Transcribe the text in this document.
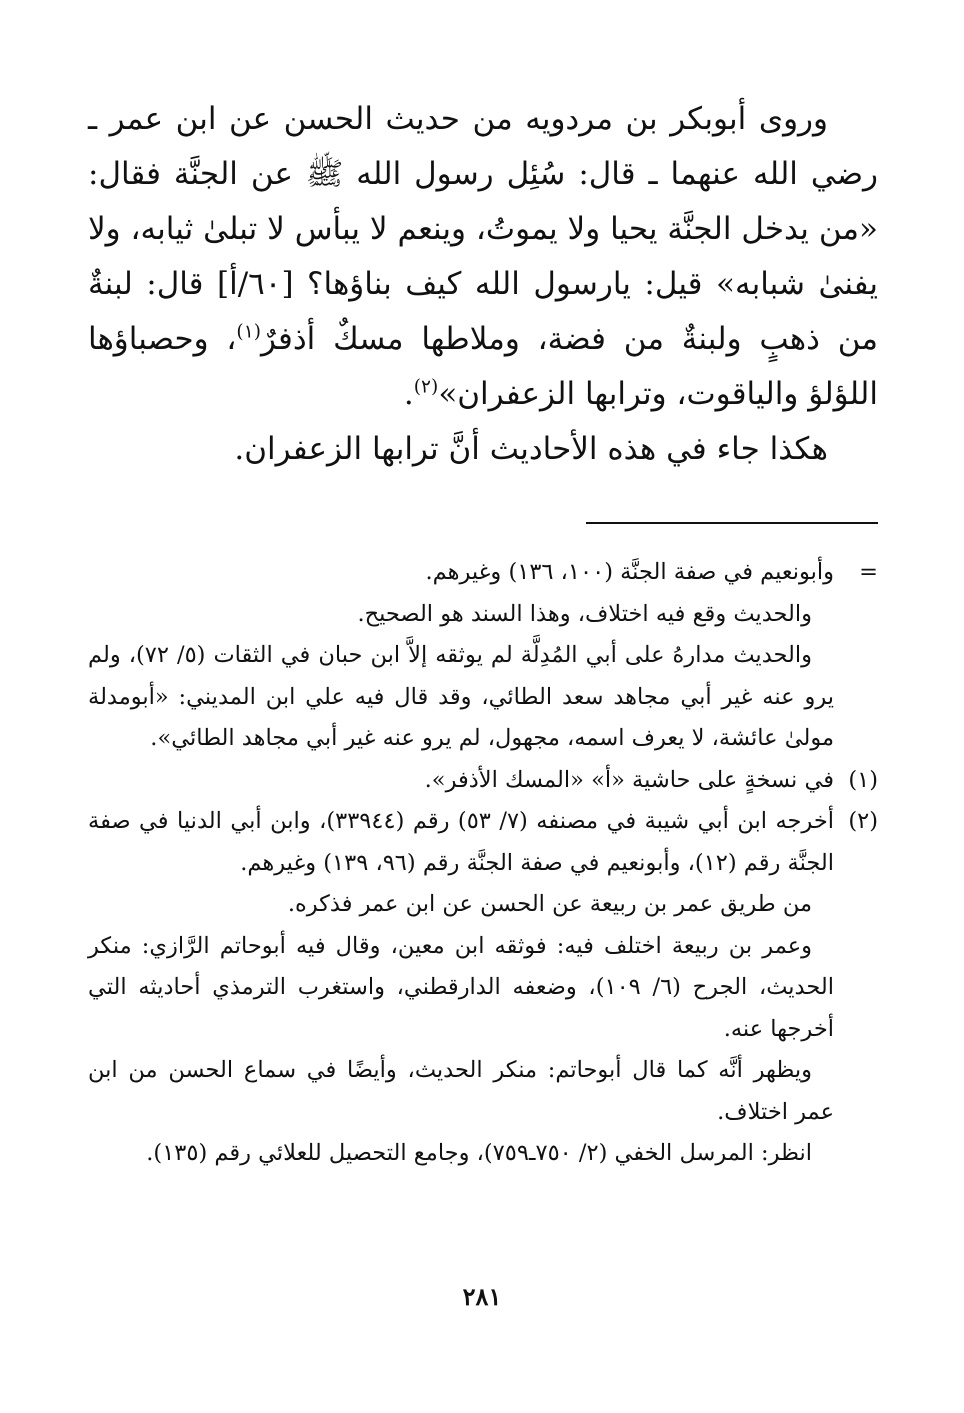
وروى أبوبكر بن مردويه من حديث الحسن عن ابن عمر ـ رضي الله عنهما ـ قال: سُئِل رسول الله ﷺ عن الجنَّة فقال: «من يدخل الجنَّة يحيا ولا يموتُ، وينعم لا يبأس لا تبلىٰ ثيابه، ولا يفنىٰ شبابه» قيل: يارسول الله كيف بناؤها؟ [٦٠/أ] قال: لبنةٌ من ذهبٍ ولبنةٌ من فضة، وملاطها مسكٌ أذفرٌ$^{(١)}$، وحصباؤها اللؤلؤ والياقوت، وترابها الزعفران»$^{(٢)}$.

هكذا جاء في هذه الأحاديث أنَّ ترابها الزعفران.

=

وأبونعيم في صفة الجنَّة (١٠٠، ١٣٦) وغيرهم.

والحديث وقع فيه اختلاف، وهذا السند هو الصحيح.

والحديث مدارهُ على أبي المُدِلَّة لم يوثقه إلاَّ ابن حبان في الثقات (٥/ ٧٢)، ولم يرو عنه غير أبي مجاهد سعد الطائي، وقد قال فيه علي ابن المديني: «أبومدلة مولىٰ عائشة، لا يعرف اسمه، مجهول، لم يرو عنه غير أبي مجاهد الطائي».

(١)

في نسخةٍ على حاشية «أ» «المسك الأذفر».

(٢)

أخرجه ابن أبي شيبة في مصنفه (٧/ ٥٣) رقم (٣٣٩٤٤)، وابن أبي الدنيا في صفة الجنَّة رقم (١٢)، وأبونعيم في صفة الجنَّة رقم (٩٦، ١٣٩) وغيرهم.

من طريق عمر بن ربيعة عن الحسن عن ابن عمر فذكره.

وعمر بن ربيعة اختلف فيه: فوثقه ابن معين، وقال فيه أبوحاتم الرَّازي: منكر الحديث، الجرح (٦/ ١٠٩)، وضعفه الدارقطني، واستغرب الترمذي أحاديثه التي أخرجها عنه.

ويظهر أنَّه كما قال أبوحاتم: منكر الحديث، وأيضًا في سماع الحسن من ابن عمر اختلاف.

انظر: المرسل الخفي (٢/ ٧٥٠ـ٧٥٩)، وجامع التحصيل للعلائي رقم (١٣٥).

٢٨١
